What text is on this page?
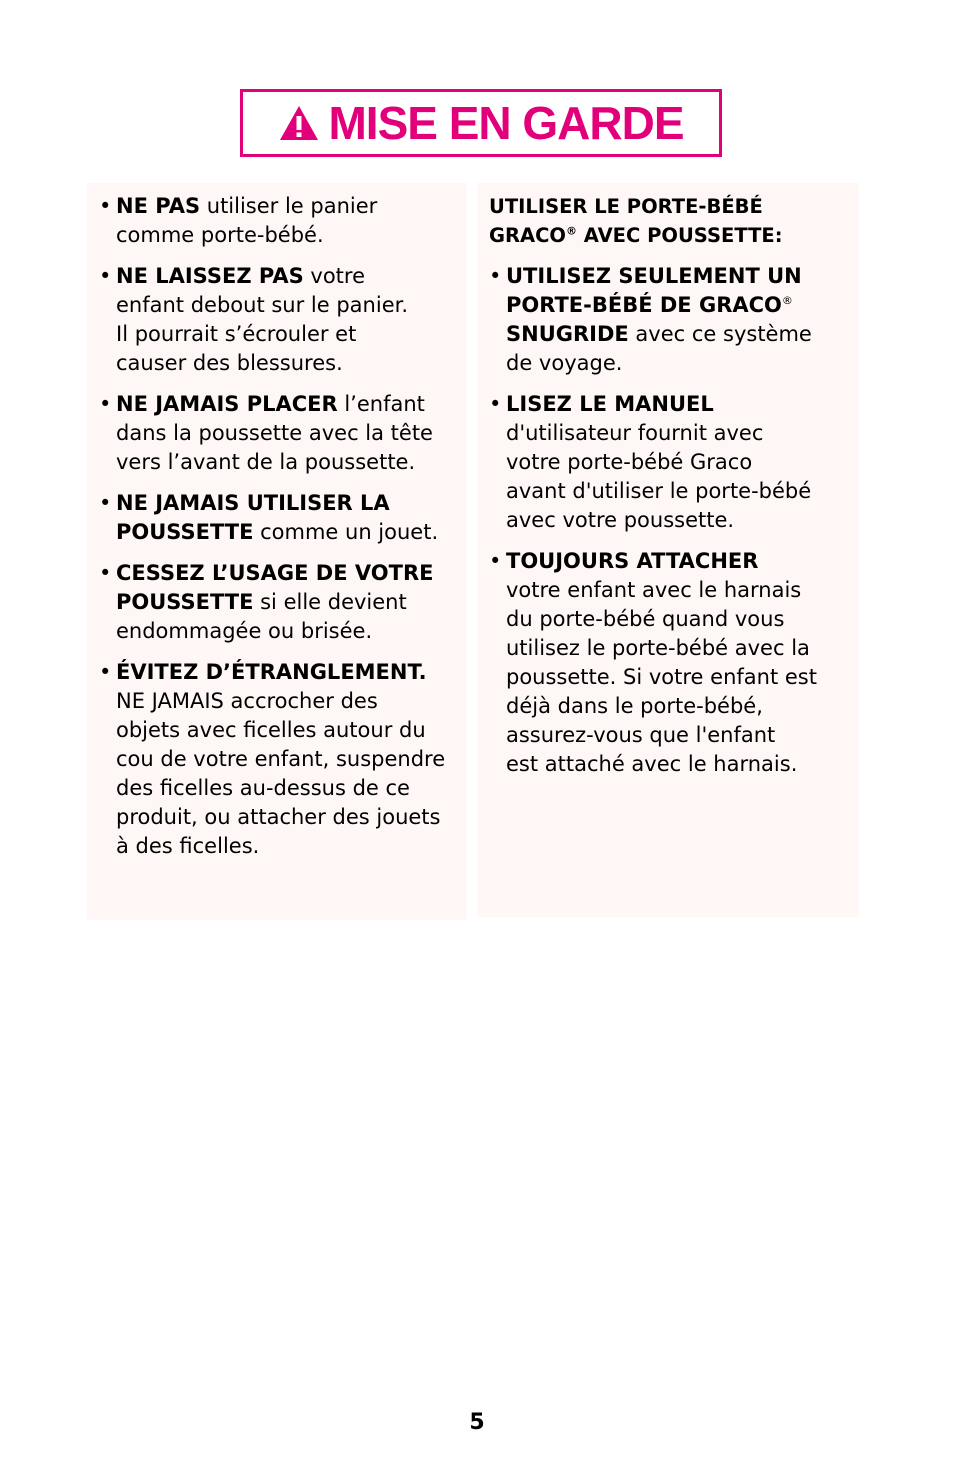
MISE EN GARDE
• NE PAS utiliser le panier
comme porte-bébé.
• NE LAISSEZ PAS votre
enfant debout sur le panier.
Il pourrait s’écrouler et
causer des blessures.
• NE JAMAIS PLACER l’enfant
dans la poussette avec la tête
vers l’avant de la poussette.
• NE JAMAIS UTILISER LA
POUSSETTE comme un jouet.
• CESSEZ L’USAGE DE VOTRE
POUSSETTE si elle devient
endommagée ou brisée.
• ÉVITEZ D’ÉTRANGLEMENT.
NE JAMAIS accrocher des
objets avec ficelles autour du
cou de votre enfant, suspendre
des ficelles au-dessus de ce
produit, ou attacher des jouets
à des ficelles.
UTILISER LE PORTE-BÉBÉ
GRACO® AVEC POUSSETTE:
• UTILISEZ SEULEMENT UN
PORTE-BÉBÉ DE GRACO®
SNUGRIDE avec ce système
de voyage.
• LISEZ LE MANUEL
d'utilisateur fournit avec
votre porte-bébé Graco
avant d'utiliser le porte-bébé
avec votre poussette.
• TOUJOURS ATTACHER
votre enfant avec le harnais
du porte-bébé quand vous
utilisez le porte-bébé avec la
poussette. Si votre enfant est
déjà dans le porte-bébé,
assurez-vous que l'enfant
est attaché avec le harnais.
5
